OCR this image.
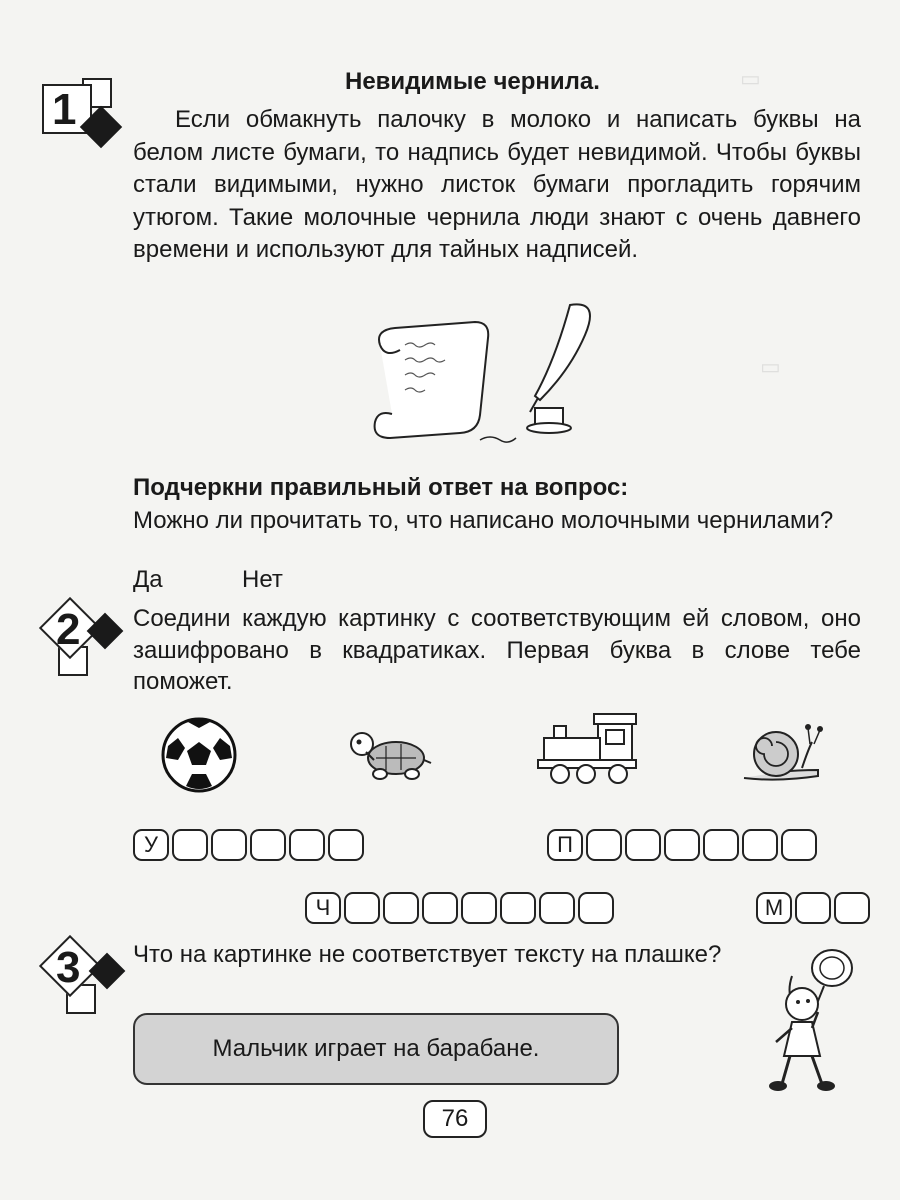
▭
▭
1
Невидимые чернила.
Если обмакнуть палочку в молоко и написать буквы на белом листе бумаги, то надпись будет невидимой. Чтобы буквы стали видимыми, нужно листок бумаги прогладить горячим утюгом. Такие молочные чернила люди знают с очень давнего времени и используют для тайных надписей.
Подчеркни правильный ответ на вопрос:
Можно ли прочитать то, что написано молочными чернилами?
Да	Нет
2 Соедини каждую картинку с соответствующим ей словом, оно зашифровано в квадратиках. Первая буква в слове тебе поможет.
У	П
Ч	М
3 Что на картинке не соответствует тексту на плашке?
Мальчик играет на барабане.
76
